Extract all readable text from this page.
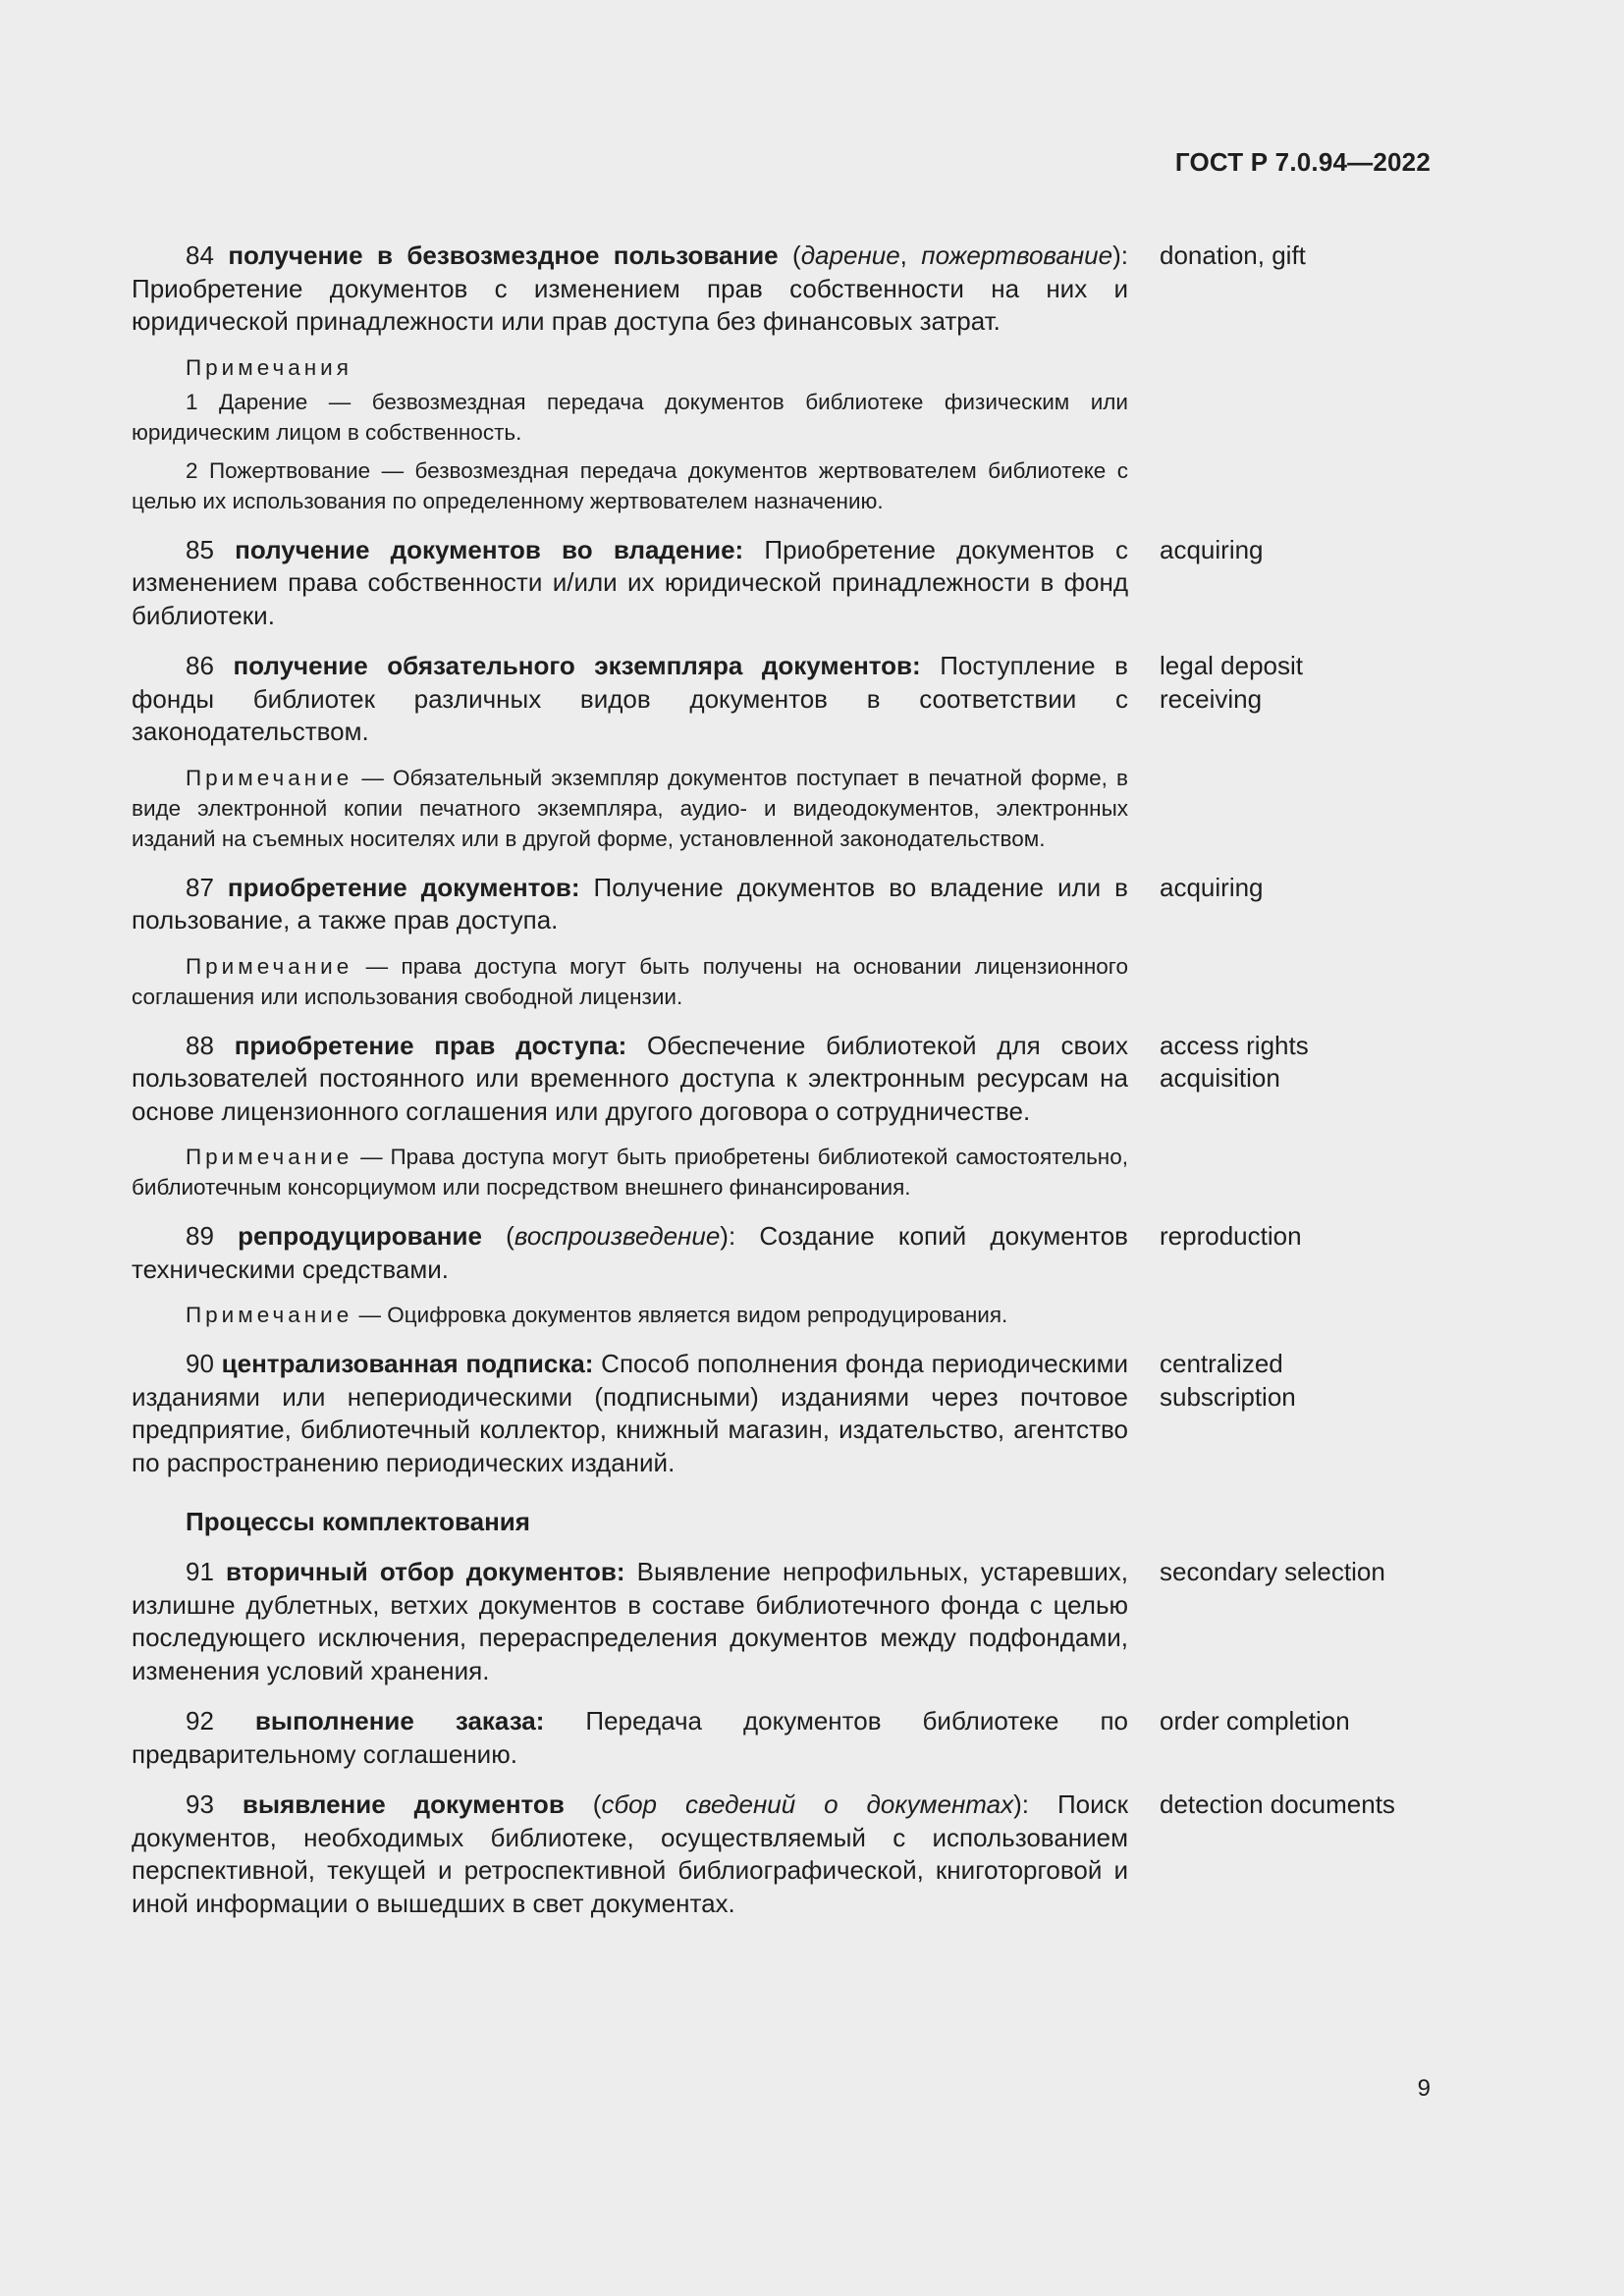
ГОСТ Р 7.0.94—2022

84 получение в безвозмездное пользование (дарение, пожертвование): Приобретение документов с изменением прав собственности на них и юридической принадлежности или прав доступа без финансовых затрат.

donation, gift
Примечания

1 Дарение — безвозмездная передача документов библиотеке физическим или юридическим лицом в собственность.

2 Пожертвование — безвозмездная передача документов жертвователем библиотеке с целью их использования по определенному жертвователем назначению.

85 получение документов во владение: Приобретение документов с изменением права собственности и/или их юридической принадлежности в фонд библиотеки.

acquiring

86 получение обязательного экземпляра документов: Поступление в фонды библиотек различных видов документов в соответствии с законодательством.

legal deposit
receiving

Примечание — Обязательный экземпляр документов поступает в печатной форме, в виде электронной копии печатного экземпляра, аудио- и видеодокументов, электронных изданий на съемных носителях или в другой форме, установленной законодательством.

87 приобретение документов: Получение документов во владение или в пользование, а также прав доступа.

acquiring

Примечание — права доступа могут быть получены на основании лицензионного соглашения или использования свободной лицензии.

88 приобретение прав доступа: Обеспечение библиотекой для своих пользователей постоянного или временного доступа к электронным ресурсам на основе лицензионного соглашения или другого договора о сотрудничестве.

access rights
acquisition

Примечание — Права доступа могут быть приобретены библиотекой самостоятельно, библиотечным консорциумом или посредством внешнего финансирования.

89 репродуцирование (воспроизведение): Создание копий документов техническими средствами.

reproduction

Примечание — Оцифровка документов является видом репродуцирования.

90 централизованная подписка: Способ пополнения фонда периодическими изданиями или непериодическими (подписными) изданиями через почтовое предприятие, библиотечный коллектор, книжный магазин, издательство, агентство по распространению периодических изданий.

centralized
subscription
Процессы комплектования

91 вторичный отбор документов: Выявление непрофильных, устаревших, излишне дублетных, ветхих документов в составе библиотечного фонда с целью последующего исключения, перераспределения документов между подфондами, изменения условий хранения.

secondary selection

92 выполнение заказа: Передача документов библиотеке по предварительному соглашению.

order completion

93 выявление документов (сбор сведений о документах): Поиск документов, необходимых библиотеке, осуществляемый с использованием перспективной, текущей и ретроспективной библиографической, книготорговой и иной информации о вышедших в свет документах.

detection documents
9
